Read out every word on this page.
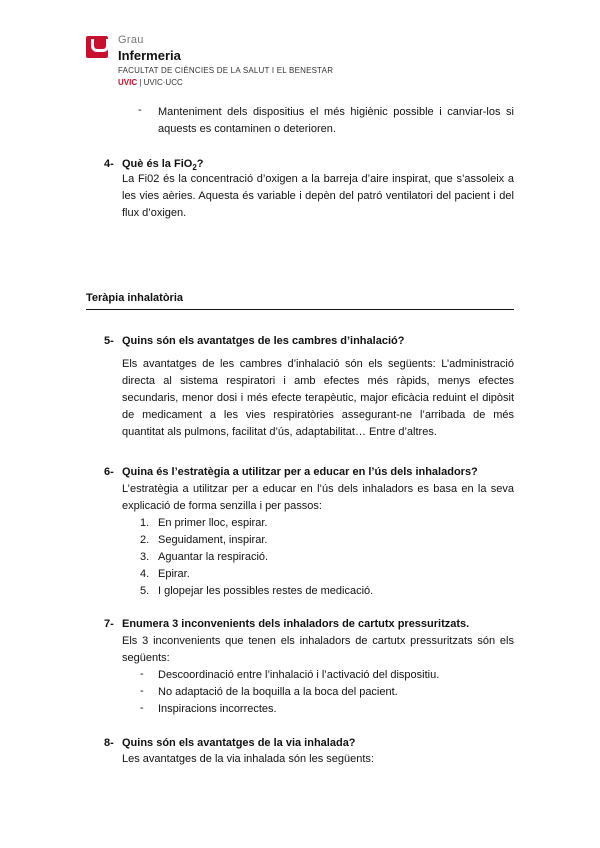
Grau
Infermeria
FACULTAT DE CIÈNCIES DE LA SALUT I EL BENESTAR
UVIC | UVIC·UCC
- Manteniment dels dispositius el més higiènic possible i canviar-los si
aquests es contaminen o deterioren.
4- Què és la FiO$_2$?
La Fi02 és la concentració d’oxigen a la barreja d’aire inspirat, que s’assoleix a
les vies aèries. Aquesta és variable i depèn del patró ventilatori del pacient i del
flux d’oxigen.
Teràpia inhalatòria
5- Quins són els avantatges de les cambres d’inhalació?
Els avantatges de les cambres d’inhalació són els següents: L’administració
directa al sistema respiratori i amb efectes més ràpids, menys efectes
secundaris, menor dosi i més efecte terapèutic, major eficàcia reduint el dipòsit
de medicament a les vies respiratòries assegurant-ne l’arribada de més
quantitat als pulmons, facilitat d’ús, adaptabilitat… Entre d’altres.
6- Quina és l’estratègia a utilitzar per a educar en l’ús dels inhaladors?
L’estratègia a utilitzar per a educar en l’ús dels inhaladors es basa en la seva
explicació de forma senzilla i per passos:
1. En primer lloc, espirar.
2. Seguidament, inspirar.
3. Aguantar la respiració.
4. Epirar.
5. I glopejar les possibles restes de medicació.
7- Enumera 3 inconvenients dels inhaladors de cartutx pressuritzats.
Els 3 inconvenients que tenen els inhaladors de cartutx pressuritzats són els
següents:
- Descoordinació entre l’inhalació i l’activació del dispositiu.
- No adaptació de la boquilla a la boca del pacient.
- Inspiracions incorrectes.
8- Quins són els avantatges de la via inhalada?
Les avantatges de la via inhalada són les següents:
